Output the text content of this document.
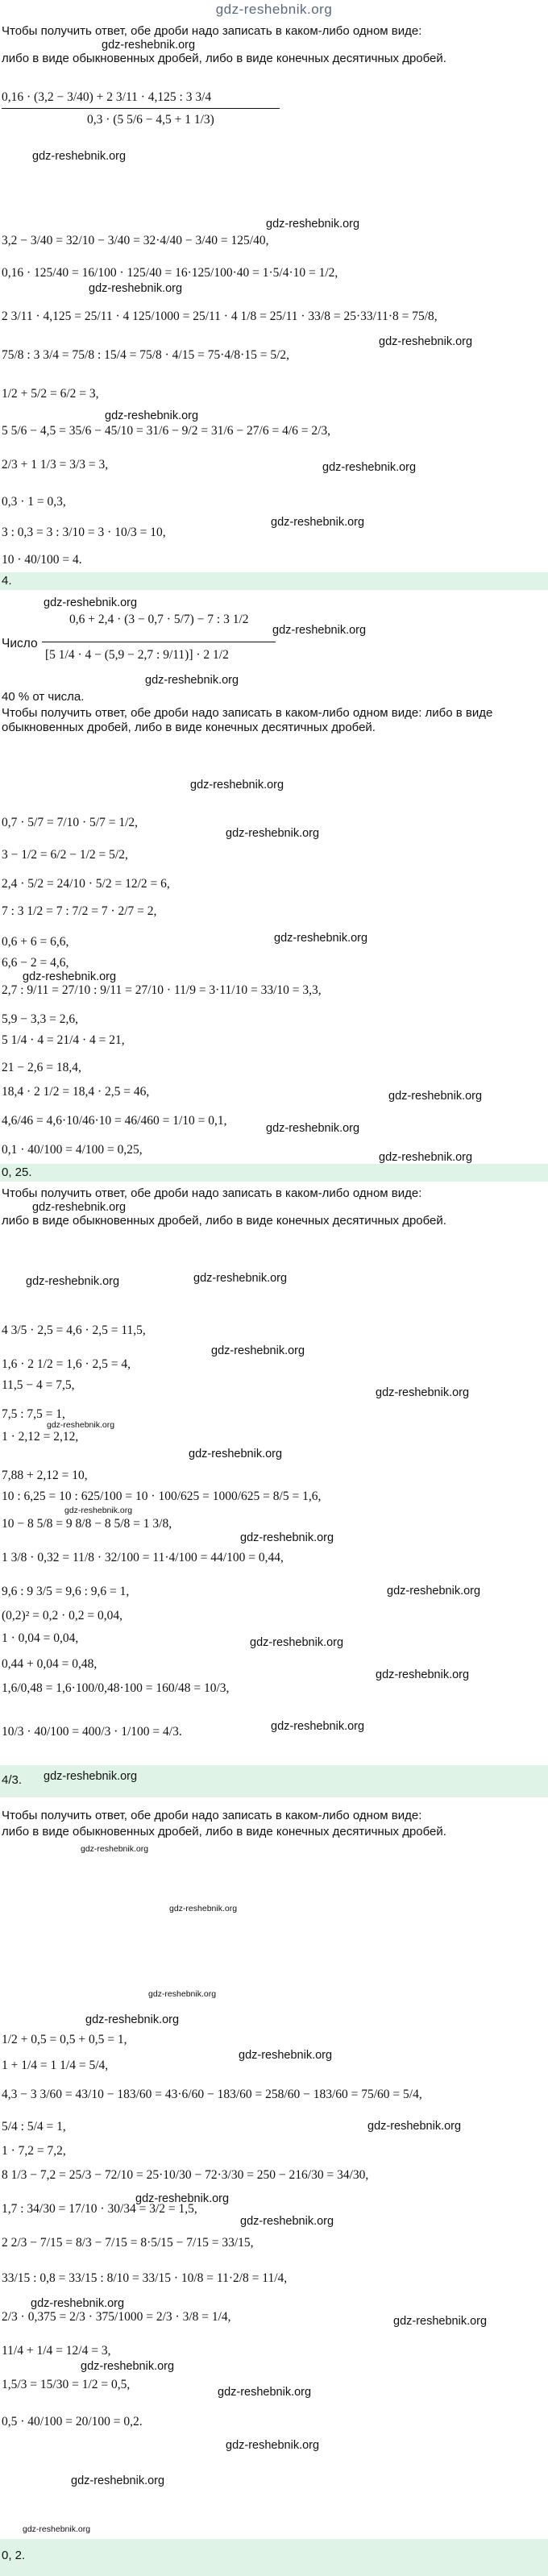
gdz-reshebnik.org
Чтобы получить ответ, обе дроби надо записать в каком-либо одном виде:
либо в виде обыкновенных дробей, либо в виде конечных десятичных дробей.
gdz-reshebnik.org
0,16 · (3,2 − 3/40) + 2 3/11 · 4,125 : 3 3/4
0,3 · (5 5/6 − 4,5 + 1 1/3)
gdz-reshebnik.org
3,2 − 3/40 = 32/10 − 3/40 = 32·4/40 − 3/40 = 125/40,
gdz-reshebnik.org
0,16 · 125/40 = 16/100 · 125/40 = 16·125/100·40 = 1·5/4·10 = 1/2,
gdz-reshebnik.org
2 3/11 · 4,125 = 25/11 · 4 125/1000 = 25/11 · 4 1/8 = 25/11 · 33/8 = 25·33/11·8 = 75/8,
75/8 : 3 3/4 = 75/8 : 15/4 = 75/8 · 4/15 = 75·4/8·15 = 5/2,
gdz-reshebnik.org
1/2 + 5/2 = 6/2 = 3,
5 5/6 − 4,5 = 35/6 − 45/10 = 31/6 − 9/2 = 31/6 − 27/6 = 4/6 = 2/3,
gdz-reshebnik.org
gdz-reshebnik.org
2/3 + 1 1/3 = 3/3 = 3,
0,3 · 1 = 0,3,
gdz-reshebnik.org
3 : 0,3 = 3 : 3/10 = 3 · 10/3 = 10,
10 · 40/100 = 4.
4.
gdz-reshebnik.org
0,6 + 2,4 · (3 − 0,7 · 5/7) − 7 : 3 1/2
Число
[5 1/4 · 4 − (5,9 − 2,7 : 9/11)] · 2 1/2
gdz-reshebnik.org
gdz-reshebnik.org
40 % от числа.
Чтобы получить ответ, обе дроби надо записать в каком-либо одном виде: либо в виде
обыкновенных дробей, либо в виде конечных десятичных дробей.
gdz-reshebnik.org
0,7 · 5/7 = 7/10 · 5/7 = 1/2,
gdz-reshebnik.org
3 − 1/2 = 6/2 − 1/2 = 5/2,
2,4 · 5/2 = 24/10 · 5/2 = 12/2 = 6,
7 : 3 1/2 = 7 : 7/2 = 7 · 2/7 = 2,
gdz-reshebnik.org
0,6 + 6 = 6,6,
6,6 − 2 = 4,6,
gdz-reshebnik.org
2,7 : 9/11 = 27/10 : 9/11 = 27/10 · 11/9 = 3·11/10 = 33/10 = 3,3,
5,9 − 3,3 = 2,6,
5 1/4 · 4 = 21/4 · 4 = 21,
21 − 2,6 = 18,4,
18,4 · 2 1/2 = 18,4 · 2,5 = 46,	gdz-reshebnik.org
4,6/46 = 4,6·10/46·10 = 46/460 = 1/10 = 0,1,
gdz-reshebnik.org
0,1 · 40/100 = 4/100 = 0,25,
gdz-reshebnik.org
0, 25.
Чтобы получить ответ, обе дроби надо записать в каком-либо одном виде:
gdz-reshebnik.org
либо в виде обыкновенных дробей, либо в виде конечных десятичных дробей.
gdz-reshebnik.org	gdz-reshebnik.org
4 3/5 · 2,5 = 4,6 · 2,5 = 11,5,
1,6 · 2 1/2 = 1,6 · 2,5 = 4,
gdz-reshebnik.org
11,5 − 4 = 7,5,
gdz-reshebnik.org
7,5 : 7,5 = 1,
gdz-reshebnik.org
1 · 2,12 = 2,12,
gdz-reshebnik.org
7,88 + 2,12 = 10,
10 : 6,25 = 10 : 625/100 = 10 · 100/625 = 1000/625 = 8/5 = 1,6,
gdz-reshebnik.org
10 − 8 5/8 = 9 8/8 − 8 5/8 = 1 3/8,
gdz-reshebnik.org
1 3/8 · 0,32 = 11/8 · 32/100 = 11·4/100 = 44/100 = 0,44,
9,6 : 9 3/5 = 9,6 : 9,6 = 1,	gdz-reshebnik.org
(0,2)² = 0,2 · 0,2 = 0,04,
1 · 0,04 = 0,04,	gdz-reshebnik.org
0,44 + 0,04 = 0,48,
gdz-reshebnik.org
1,6/0,48 = 1,6·100/0,48·100 = 160/48 = 10/3,
10/3 · 40/100 = 400/3 · 1/100 = 4/3.	gdz-reshebnik.org
4/3. gdz-reshebnik.org
Чтобы получить ответ, обе дроби надо записать в каком-либо одном виде:
либо в виде обыкновенных дробей, либо в виде конечных десятичных дробей.
gdz-reshebnik.org
gdz-reshebnik.org
gdz-reshebnik.org
1/2 + 0,5 = 0,5 + 0,5 = 1,
gdz-reshebnik.org
1 + 1/4 = 1 1/4 = 5/4,
gdz-reshebnik.org
4,3 − 3 3/60 = 43/10 − 183/60 = 43·6/60 − 183/60 = 258/60 − 183/60 = 75/60 = 5/4,
5/4 : 5/4 = 1,	gdz-reshebnik.org
1 · 7,2 = 7,2,
8 1/3 − 7,2 = 25/3 − 72/10 = 25·10/30 − 72·3/30 = 250 − 216/30 = 34/30,
gdz-reshebnik.org
1,7 : 34/30 = 17/10 · 30/34 = 3/2 = 1,5,
gdz-reshebnik.org
2 2/3 − 7/15 = 8/3 − 7/15 = 8·5/15 − 7/15 = 33/15,
33/15 : 0,8 = 33/15 : 8/10 = 33/15 · 10/8 = 11·2/8 = 11/4,
gdz-reshebnik.org
2/3 · 0,375 = 2/3 · 375/1000 = 2/3 · 3/8 = 1/4,	gdz-reshebnik.org
11/4 + 1/4 = 12/4 = 3,
gdz-reshebnik.org
1,5/3 = 15/30 = 1/2 = 0,5,
gdz-reshebnik.org
0,5 · 40/100 = 20/100 = 0,2.
gdz-reshebnik.org
gdz-reshebnik.org
0, 2.
gdz-reshebnik.org
